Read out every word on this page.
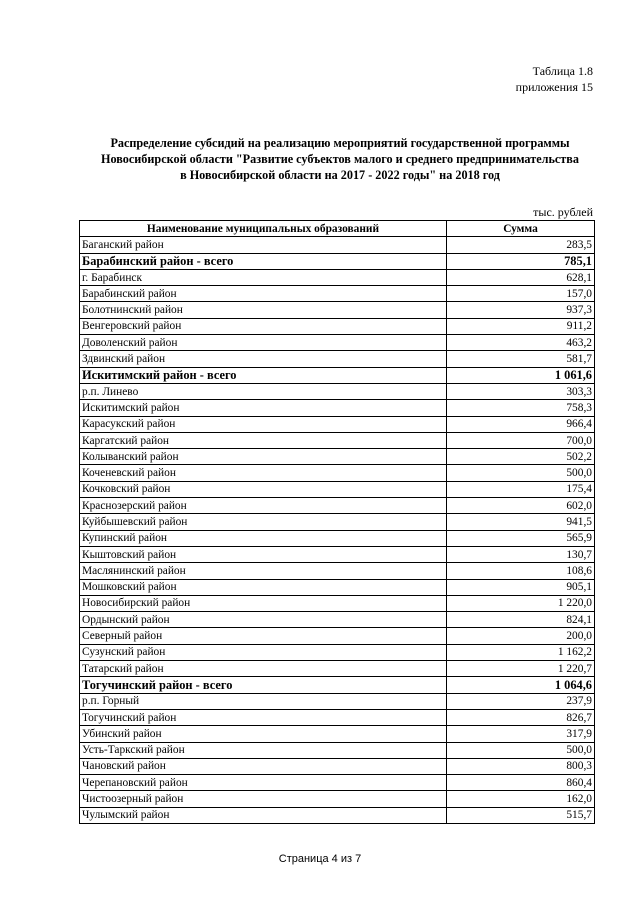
Таблица 1.8
приложения 15
Распределение субсидий на реализацию мероприятий государственной программы
Новосибирской области "Развитие субъектов малого и среднего предпринимательства
в Новосибирской области на 2017 - 2022 годы" на 2018 год
тыс. рублей
Наименование муниципальных образований	Сумма
Баганский район	283,5
Барабинский район - всего	785,1
г. Барабинск	628,1
Барабинский район	157,0
Болотнинский район	937,3
Венгеровский район	911,2
Доволенский район	463,2
Здвинский район	581,7
Искитимский район - всего	1 061,6
р.п. Линево	303,3
Искитимский район	758,3
Карасукский район	966,4
Каргатский район	700,0
Колыванский район	502,2
Коченевский район	500,0
Кочковский район	175,4
Краснозерский район	602,0
Куйбышевский район	941,5
Купинский район	565,9
Кыштовский район	130,7
Маслянинский район	108,6
Мошковский район	905,1
Новосибирский район	1 220,0
Ордынский район	824,1
Северный район	200,0
Сузунский район	1 162,2
Татарский район	1 220,7
Тогучинский район - всего	1 064,6
р.п. Горный	237,9
Тогучинский район	826,7
Убинский район	317,9
Усть-Таркский район	500,0
Чановский район	800,3
Черепановский район	860,4
Чистоозерный район	162,0
Чулымский район	515,7
Страница 4 из 7
